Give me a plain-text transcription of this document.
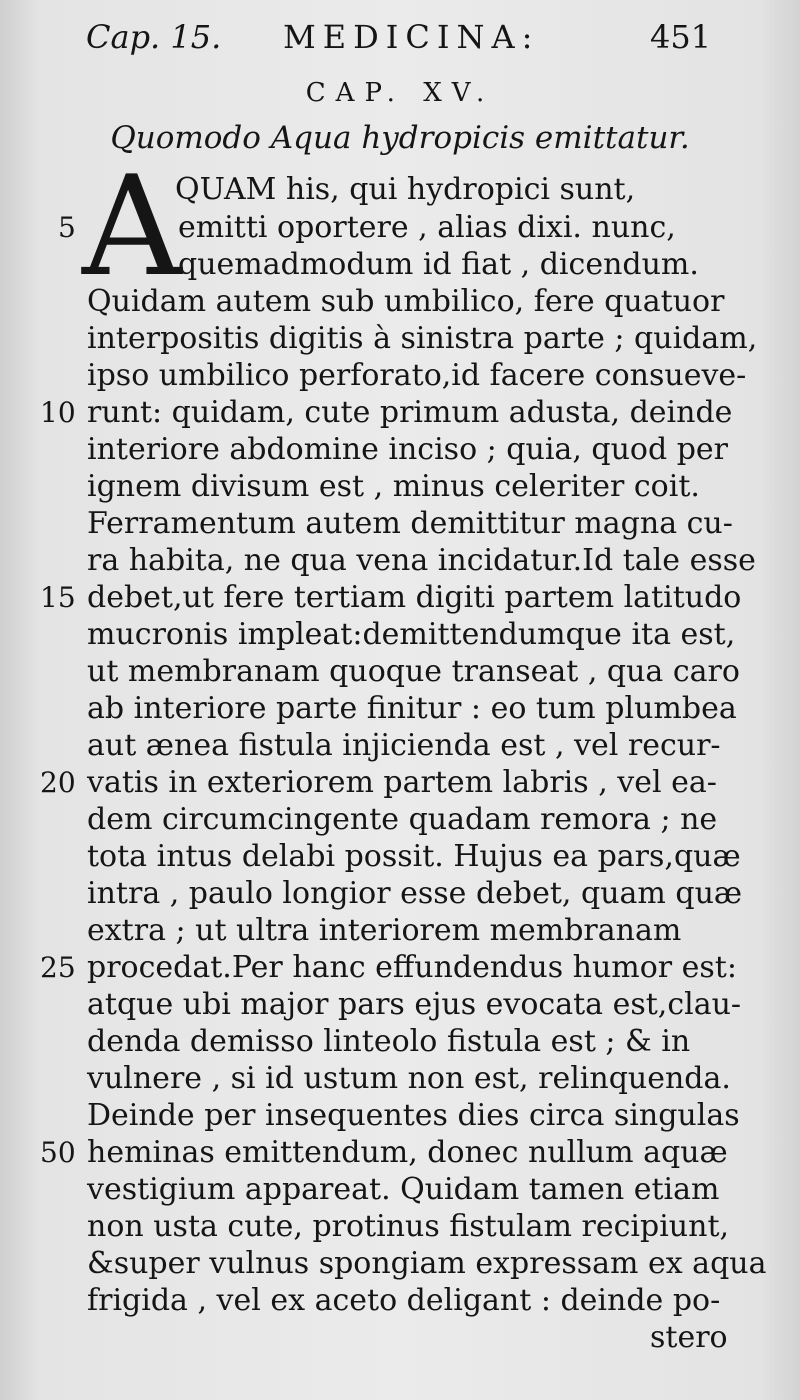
Cap. 15. MEDICINA:	451
CAP. XV.
Quomodo Aqua hydropicis emittatur.
A
QUAM his, qui hydropici sunt,
emitti oportere , alias dixi. nunc,
quemadmodum id fiat , dicendum.
Quidam autem sub umbilico, fere quatuor
interpositis digitis à sinistra parte ; quidam,
ipso umbilico perforato,id facere consueve-
runt: quidam, cute primum adusta, deinde
interiore abdomine inciso ; quia, quod per
ignem divisum est , minus celeriter coit.
Ferramentum autem demittitur magna cu-
ra habita, ne qua vena incidatur.Id tale esse
debet,ut fere tertiam digiti partem latitudo
mucronis impleat:demittendumque ita est,
ut membranam quoque transeat , qua caro
ab interiore parte finitur : eo tum plumbea
aut ænea fistula injicienda est , vel recur-
vatis in exteriorem partem labris , vel ea-
dem circumcingente quadam remora ; ne
tota intus delabi possit. Hujus ea pars,quæ
intra , paulo longior esse debet, quam quæ
extra ; ut ultra interiorem membranam
procedat.Per hanc effundendus humor est:
atque ubi major pars ejus evocata est,clau-
denda demisso linteolo fistula est ; & in
vulnere , si id ustum non est, relinquenda.
Deinde per insequentes dies circa singulas
heminas emittendum, donec nullum aquæ
vestigium appareat. Quidam tamen etiam
non usta cute, protinus fistulam recipiunt,
&super vulnus spongiam expressam ex aqua
frigida , vel ex aceto deligant : deinde po-
stero
5
10
15
20
25
50
